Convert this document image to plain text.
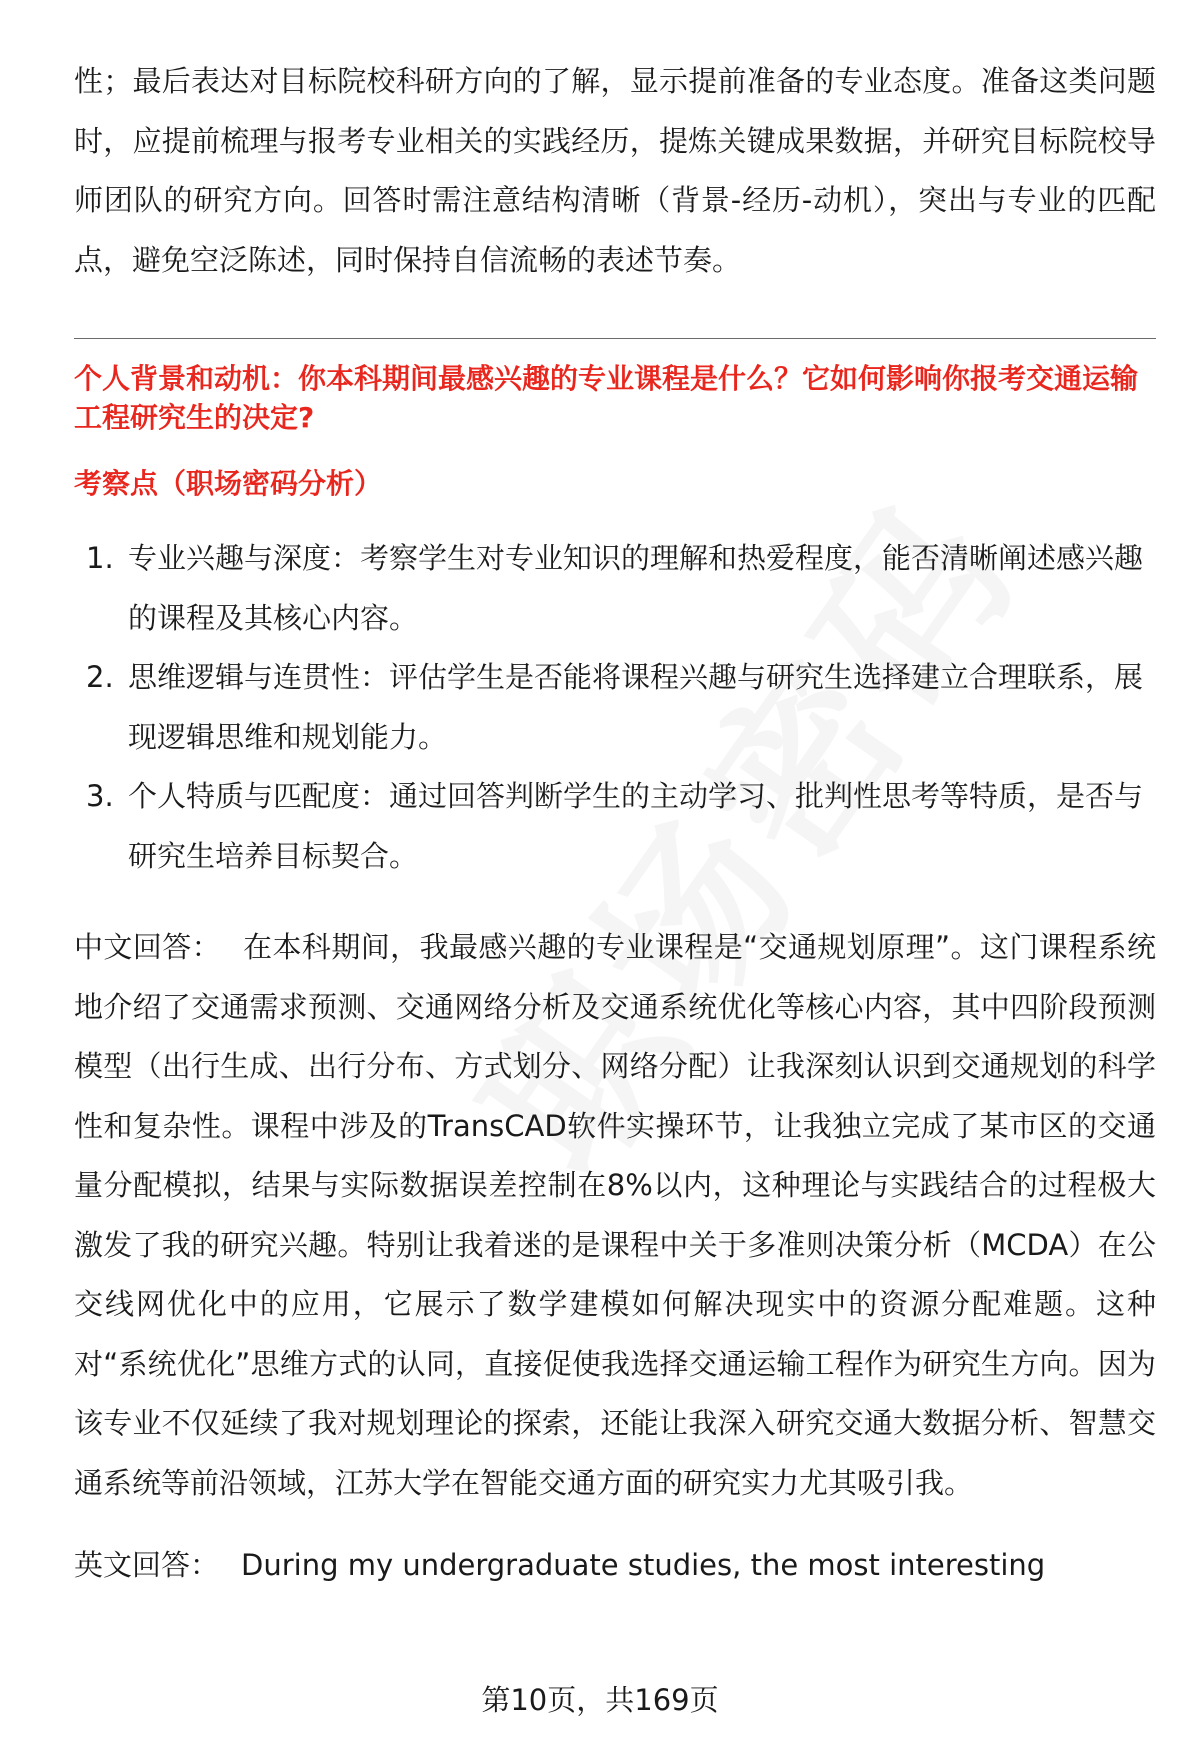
性；最后表达对目标院校科研方向的了解，显示提前准备的专业态度。准备这类问题时，应提前梳理与报考专业相关的实践经历，提炼关键成果数据，并研究目标院校导师团队的研究方向。回答时需注意结构清晰（背景-经历-动机），突出与专业的匹配点，避免空泛陈述，同时保持自信流畅的表述节奏。

个人背景和动机：你本科期间最感兴趣的专业课程是什么？它如何影响你报考交通运输工程研究生的决定?

考察点（职场密码分析）

1. 专业兴趣与深度：考察学生对专业知识的理解和热爱程度，能否清晰阐述感兴趣的课程及其核心内容。
2. 思维逻辑与连贯性：评估学生是否能将课程兴趣与研究生选择建立合理联系，展现逻辑思维和规划能力。
3. 个人特质与匹配度：通过回答判断学生的主动学习、批判性思考等特质，是否与研究生培养目标契合。

中文回答： 在本科期间，我最感兴趣的专业课程是“交通规划原理”。这门课程系统地介绍了交通需求预测、交通网络分析及交通系统优化等核心内容，其中四阶段预测模型（出行生成、出行分布、方式划分、网络分配）让我深刻认识到交通规划的科学性和复杂性。课程中涉及的TransCAD软件实操环节，让我独立完成了某市区的交通量分配模拟，结果与实际数据误差控制在8%以内，这种理论与实践结合的过程极大激发了我的研究兴趣。特别让我着迷的是课程中关于多准则决策分析（MCDA）在公交线网优化中的应用，它展示了数学建模如何解决现实中的资源分配难题。这种对“系统优化”思维方式的认同，直接促使我选择交通运输工程作为研究生方向。因为该专业不仅延续了我对规划理论的探索，还能让我深入研究交通大数据分析、智慧交通系统等前沿领域，江苏大学在智能交通方面的研究实力尤其吸引我。

英文回答： During my undergraduate studies, the most interesting

第10页，共169页
